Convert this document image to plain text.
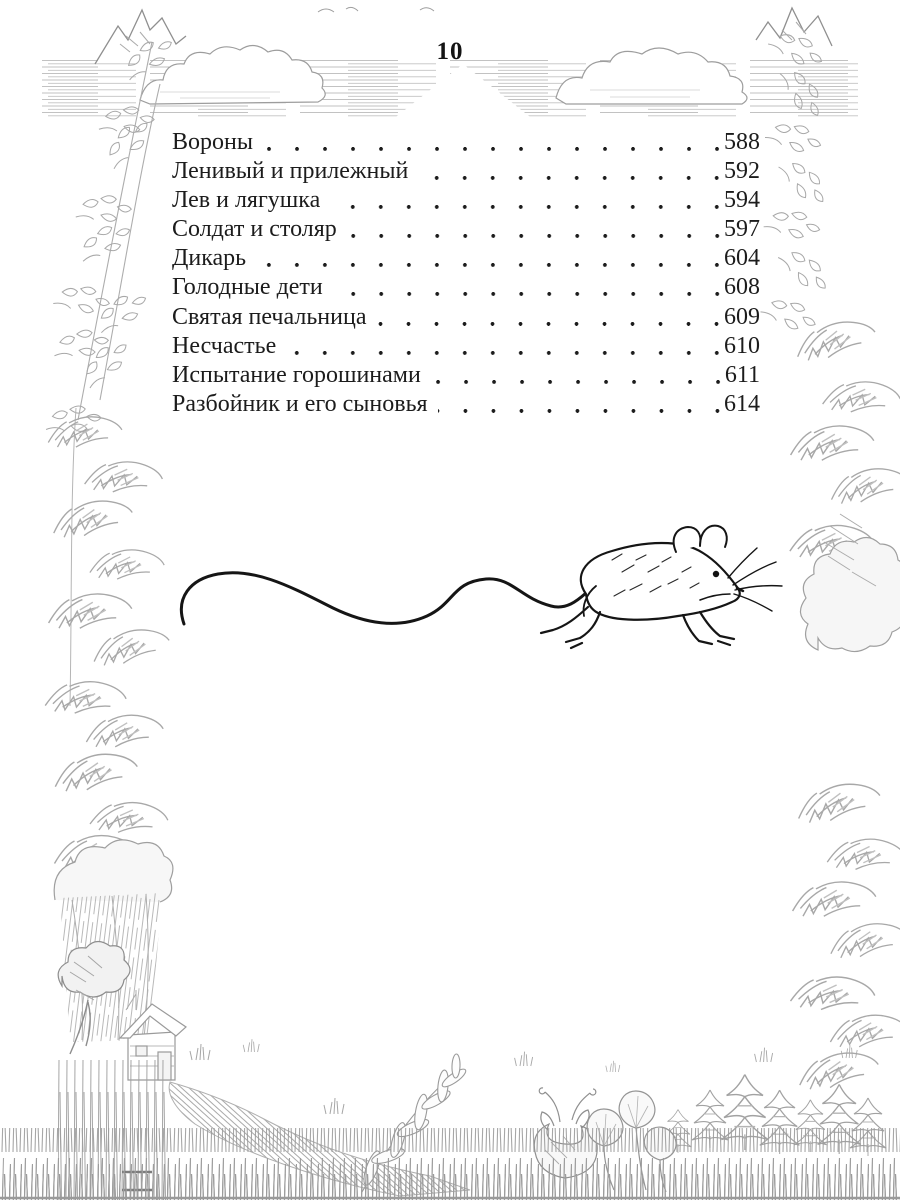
10
Вороны	588
Ленивый и прилежный	592
Лев и лягушка	594
Солдат и столяр	597
Дикарь	604
Голодные дети	608
Святая печальница	609
Несчастье	610
Испытание горошинами	611
Разбойник и его сыновья	614
